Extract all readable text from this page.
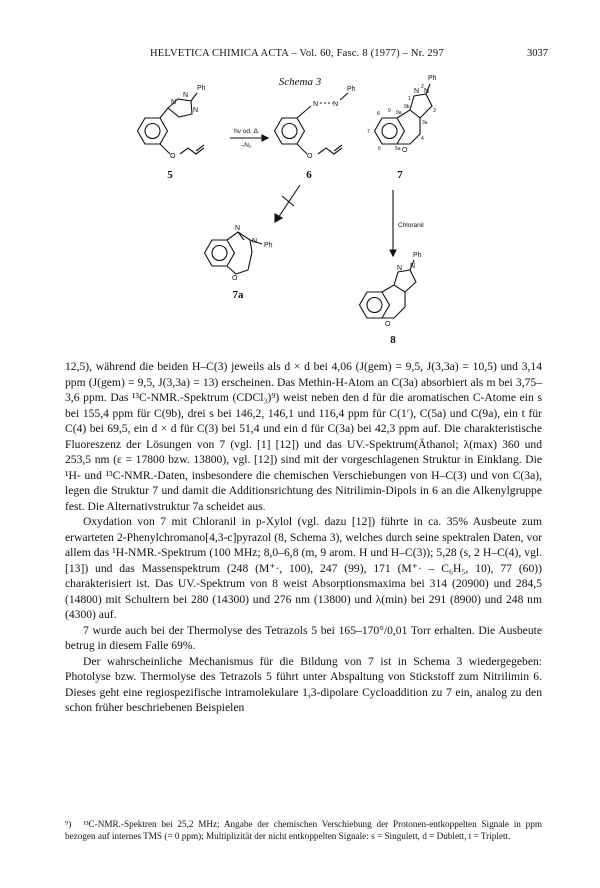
HELVETICA CHIMICA ACTA – Vol. 60, Fasc. 8 (1977) – Nr. 297	3037
Schema 3
N
N
N
Ph
O
N N
Ph
O
N N
Ph
O
N
N
Ph
O
N N
Ph
O
1
2
3
3a
4
5a
6
7
8 9 9a
9b
hν od. Δ
–N₂
Chloranil
5	6	7
7a
8

12,5), während die beiden H–C(3) jeweils als d × d bei 4,06 (J(gem) = 9,5, J(3,3a) = 10,5) und 3,14 ppm (J(gem) = 9,5, J(3,3a) = 13) erscheinen. Das Methin-H-Atom an C(3a) absorbiert als m bei 3,75–3,6 ppm. Das ¹³C-NMR.-Spektrum (CDCl₃)⁹) weist neben den d für die aromatischen C-Atome ein s bei 155,4 ppm für C(9b), drei s bei 146,2, 146,1 und 116,4 ppm für C(1′), C(5a) und C(9a), ein t für C(4) bei 69,5, ein d × d für C(3) bei 51,4 und ein d für C(3a) bei 42,3 ppm auf. Die charakteristische Fluoreszenz der Lösungen von 7 (vgl. [1] [12]) und das UV.-Spektrum(Äthanol; λ(max) 360 und 253,5 nm (ε = 17800 bzw. 13800), vgl. [12]) sind mit der vorgeschlagenen Struktur in Einklang. Die ¹H- und ¹³C-NMR.-Daten, insbesondere die chemischen Verschiebungen von H–C(3) und von C(3a), legen die Struktur 7 und damit die Additionsrichtung des Nitrilimin-Dipols in 6 an die Alkenylgruppe fest. Die Alternativstruktur 7a scheidet aus.

Oxydation von 7 mit Chloranil in p-Xylol (vgl. dazu [12]) führte in ca. 35% Ausbeute zum erwarteten 2-Phenylchromano[4,3-c]pyrazol (8, Schema 3), welches durch seine spektralen Daten, vor allem das ¹H-NMR.-Spektrum (100 MHz; 8,0–6,8 (m, 9 arom. H und H–C(3)); 5,28 (s, 2 H–C(4), vgl. [13]) und das Massenspektrum (248 (M⁺·, 100), 247 (99), 171 (M⁺· – C₆H₅, 10), 77 (60)) charakterisiert ist. Das UV.-Spektrum von 8 weist Absorptionsmaxima bei 314 (20900) und 284,5 (14800) mit Schultern bei 280 (14300) und 276 nm (13800) und λ(min) bei 291 (8900) und 248 nm (4300) auf.

7 wurde auch bei der Thermolyse des Tetrazols 5 bei 165–170°/0,01 Torr erhalten. Die Ausbeute betrug in diesem Falle 69%.

Der wahrscheinliche Mechanismus für die Bildung von 7 ist in Schema 3 wiedergegeben: Photolyse bzw. Thermolyse des Tetrazols 5 führt unter Abspaltung von Stickstoff zum Nitrilimin 6. Dieses geht eine regiospezifische intramolekulare 1,3-dipolare Cycloaddition zu 7 ein, analog zu den schon früher beschriebenen Beispielen

⁹) ¹³C-NMR.-Spektren bei 25,2 MHz; Angabe der chemischen Verschiebung der Protonen-entkoppelten Signale in ppm bezogen auf internes TMS (= 0 ppm); Multiplizität der nicht entkoppelten Signale: s = Singulett, d = Dublett, t = Triplett.
